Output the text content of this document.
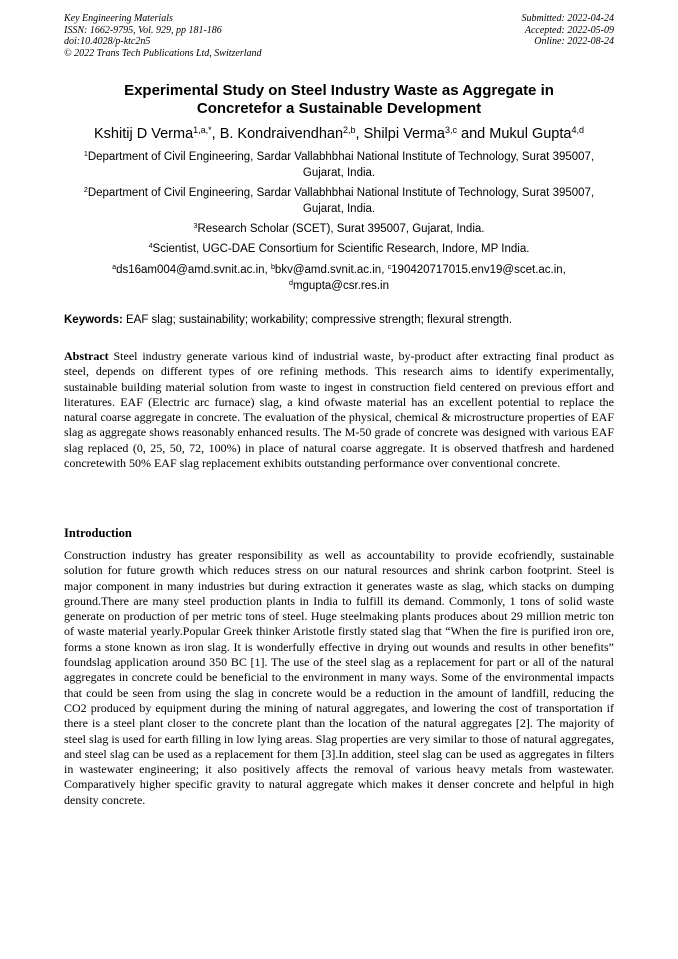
Key Engineering Materials
ISSN: 1662-9795, Vol. 929, pp 181-186
doi:10.4028/p-ktc2n5
© 2022 Trans Tech Publications Ltd, Switzerland
Submitted: 2022-04-24
Accepted: 2022-05-09
Online: 2022-08-24
Experimental Study on Steel Industry Waste as Aggregate in
Concretefor a Sustainable Development
Kshitij D Verma$^{1,a,*}$, B. Kondraivendhan$^{2,b}$, Shilpi Verma$^{3,c}$ and Mukul Gupta$^{4,d}$
$^1$Department of Civil Engineering, Sardar Vallabhbhai National Institute of Technology, Surat 395007, Gujarat, India.
$^2$Department of Civil Engineering, Sardar Vallabhbhai National Institute of Technology, Surat 395007, Gujarat, India.
$^3$Research Scholar (SCET), Surat 395007, Gujarat, India.
$^4$Scientist, UGC-DAE Consortium for Scientific Research, Indore, MP India.
$^a$ds16am004@amd.svnit.ac.in, $^b$bkv@amd.svnit.ac.in, $^c$190420717015.env19@scet.ac.in,
$^d$mgupta@csr.res.in
Keywords: EAF slag; sustainability; workability; compressive strength; flexural strength.

Abstract Steel industry generate various kind of industrial waste, by-product after extracting final product as steel, depends on different types of ore refining methods. This research aims to identify experimentally, sustainable building material solution from waste to ingest in construction field centered on previous effort and literatures. EAF (Electric arc furnace) slag, a kind ofwaste material has an excellent potential to replace the natural coarse aggregate in concrete. The evaluation of the physical, chemical & microstructure properties of EAF slag as aggregate shows reasonably enhanced results. The M-50 grade of concrete was designed with various EAF slag replaced (0, 25, 50, 72, 100%) in place of natural coarse aggregate. It is observed thatfresh and hardened concretewith 50% EAF slag replacement exhibits outstanding performance over conventional concrete.

Introduction

Construction industry has greater responsibility as well as accountability to provide ecofriendly, sustainable solution for future growth which reduces stress on our natural resources and shrink carbon footprint. Steel is major component in many industries but during extraction it generates waste as slag, which stacks on dumping ground.There are many steel production plants in India to fulfill its demand. Commonly, 1 tons of solid waste generate on production of per metric tons of steel. Huge steelmaking plants produces about 29 million metric ton of waste material yearly.Popular Greek thinker Aristotle firstly stated slag that “When the fire is purified iron ore, forms a stone known as iron slag. It is wonderfully effective in drying out wounds and results in other benefits” foundslag application around 350 BC [1]. The use of the steel slag as a replacement for part or all of the natural aggregates in concrete could be beneficial to the environment in many ways. Some of the environmental impacts that could be seen from using the slag in concrete would be a reduction in the amount of landfill, reducing the CO2 produced by equipment during the mining of natural aggregates, and lowering the cost of transportation if there is a steel plant closer to the concrete plant than the location of the natural aggregates [2]. The majority of steel slag is used for earth filling in low lying areas. Slag properties are very similar to those of natural aggregates, and steel slag can be used as a replacement for them [3].In addition, steel slag can be used as aggregates in filters in wastewater engineering; it also positively affects the removal of various heavy metals from wastewater. Comparatively higher specific gravity to natural aggregate which makes it denser concrete and helpful in high density concrete.
